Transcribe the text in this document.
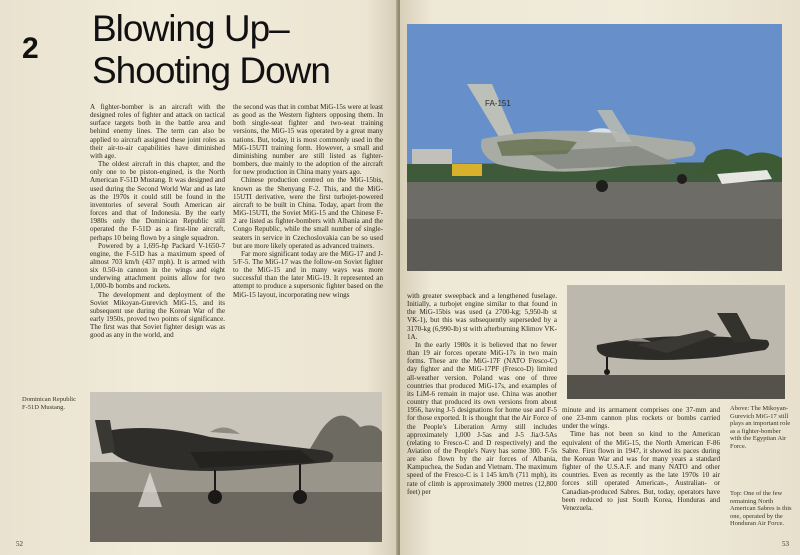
2 Blowing Up–
Shooting Down

A fighter-bomber is an aircraft with the designed roles of fighter and attack on tactical surface targets both in the battle area and behind enemy lines. The term can also be applied to aircraft assigned these joint roles as their air-to-air capabilities have diminished with age.

The oldest aircraft in this chapter, and the only one to be piston-engined, is the North American F-51D Mustang. It was designed and used during the Second World War and as late as the 1970s it could still be found in the inventories of several South American air forces and that of Indonesia. By the early 1980s only the Dominican Republic still operated the F-51D as a first-line aircraft, perhaps 10 being flown by a single squadron.

Powered by a 1,695-hp Packard V-1650-7 engine, the F-51D has a maximum speed of almost 703 km/h (437 mph). It is armed with six 0.50-in cannon in the wings and eight underwing attachment points allow for two 1,000-lb bombs and rockets.

The development and deployment of the Soviet Mikoyan-Gurevich MiG-15, and its subsequent use during the Korean War of the early 1950s, proved two points of significance. The first was that Soviet fighter design was as good as any in the world, and

the second was that in combat MiG-15s were at least as good as the Western fighters opposing them. In both single-seat fighter and two-seat training versions, the MiG-15 was operated by a great many nations. But, today, it is most commonly used in the MiG-15UTI training form. However, a small and diminishing number are still listed as fighter-bombers, due mainly to the adoption of the aircraft for new production in China many years ago.

Chinese production centred on the MiG-15bis, known as the Shenyang F-2. This, and the MiG-15UTI derivative, were the first turbojet-powered aircraft to be built in China. Today, apart from the MiG-15UTI, the Soviet MiG-15 and the Chinese F-2 are listed as fighter-bombers with Albania and the Congo Republic, while the small number of single-seaters in service in Czechoslovakia can be so used but are more likely operated as advanced trainers.

Far more significant today are the MiG-17 and J-5/F-5. The MiG-17 was the follow-on Soviet fighter to the MiG-15 and in many ways was more successful than the later MiG-19. It represented an attempt to produce a supersonic fighter based on the MiG-15 layout, incorporating new wings

Dominican Republic F-51D Mustang.
52
FA-151

with greater sweepback and a lengthened fuselage. Initially, a turbojet engine similar to that found in the MiG-15bis was used (a 2700-kg; 5,950-lb st VK-1), but this was subsequently superseded by a 3170-kg (6,990-lb) st with afterburning Klimov VK-1A.

In the early 1980s it is believed that no fewer than 19 air forces operate MiG-17s in two main forms. These are the MiG-17F (NATO Fresco-C) day fighter and the MiG-17PF (Fresco-D) limited all-weather version. Poland was one of three countries that produced MiG-17s, and examples of its LiM-6 remain in major use. China was another country that produced its own versions from about 1956, having J-5 designations for home use and F-5 for those exported. It is thought that the Air Force of the People's Liberation Army still includes approximately 1,000 J-5as and J-5 Jia/J-5As (relating to Fresco-C and D respectively) and the Aviation of the People's Navy has some 300. F-5s are also flown by the air forces of Albania, Kampuchea, the Sudan and Vietnam. The maximum speed of the Fresco-C is 1 145 km/h (711 mph), its rate of climb is approximately 3900 metres (12,800 feet) per

minute and its armament comprises one 37-mm and one 23-mm cannon plus rockets or bombs carried under the wings.

Time has not been so kind to the American equivalent of the MiG-15, the North American F-86 Sabre. First flown in 1947, it showed its paces during the Korean War and was for many years a standard fighter of the U.S.A.F. and many NATO and other countries. Even as recently as the late 1970s 10 air forces still operated American-, Australian- or Canadian-produced Sabres. But, today, operators have been reduced to just South Korea, Honduras and Venezuela.

Above: The Mikoyan-Gurevich MiG-17 still plays an important role as a fighter-bomber with the Egyptian Air Force.
Top: One of the few remaining North American Sabres is this one, operated by the Honduran Air Force.
53
